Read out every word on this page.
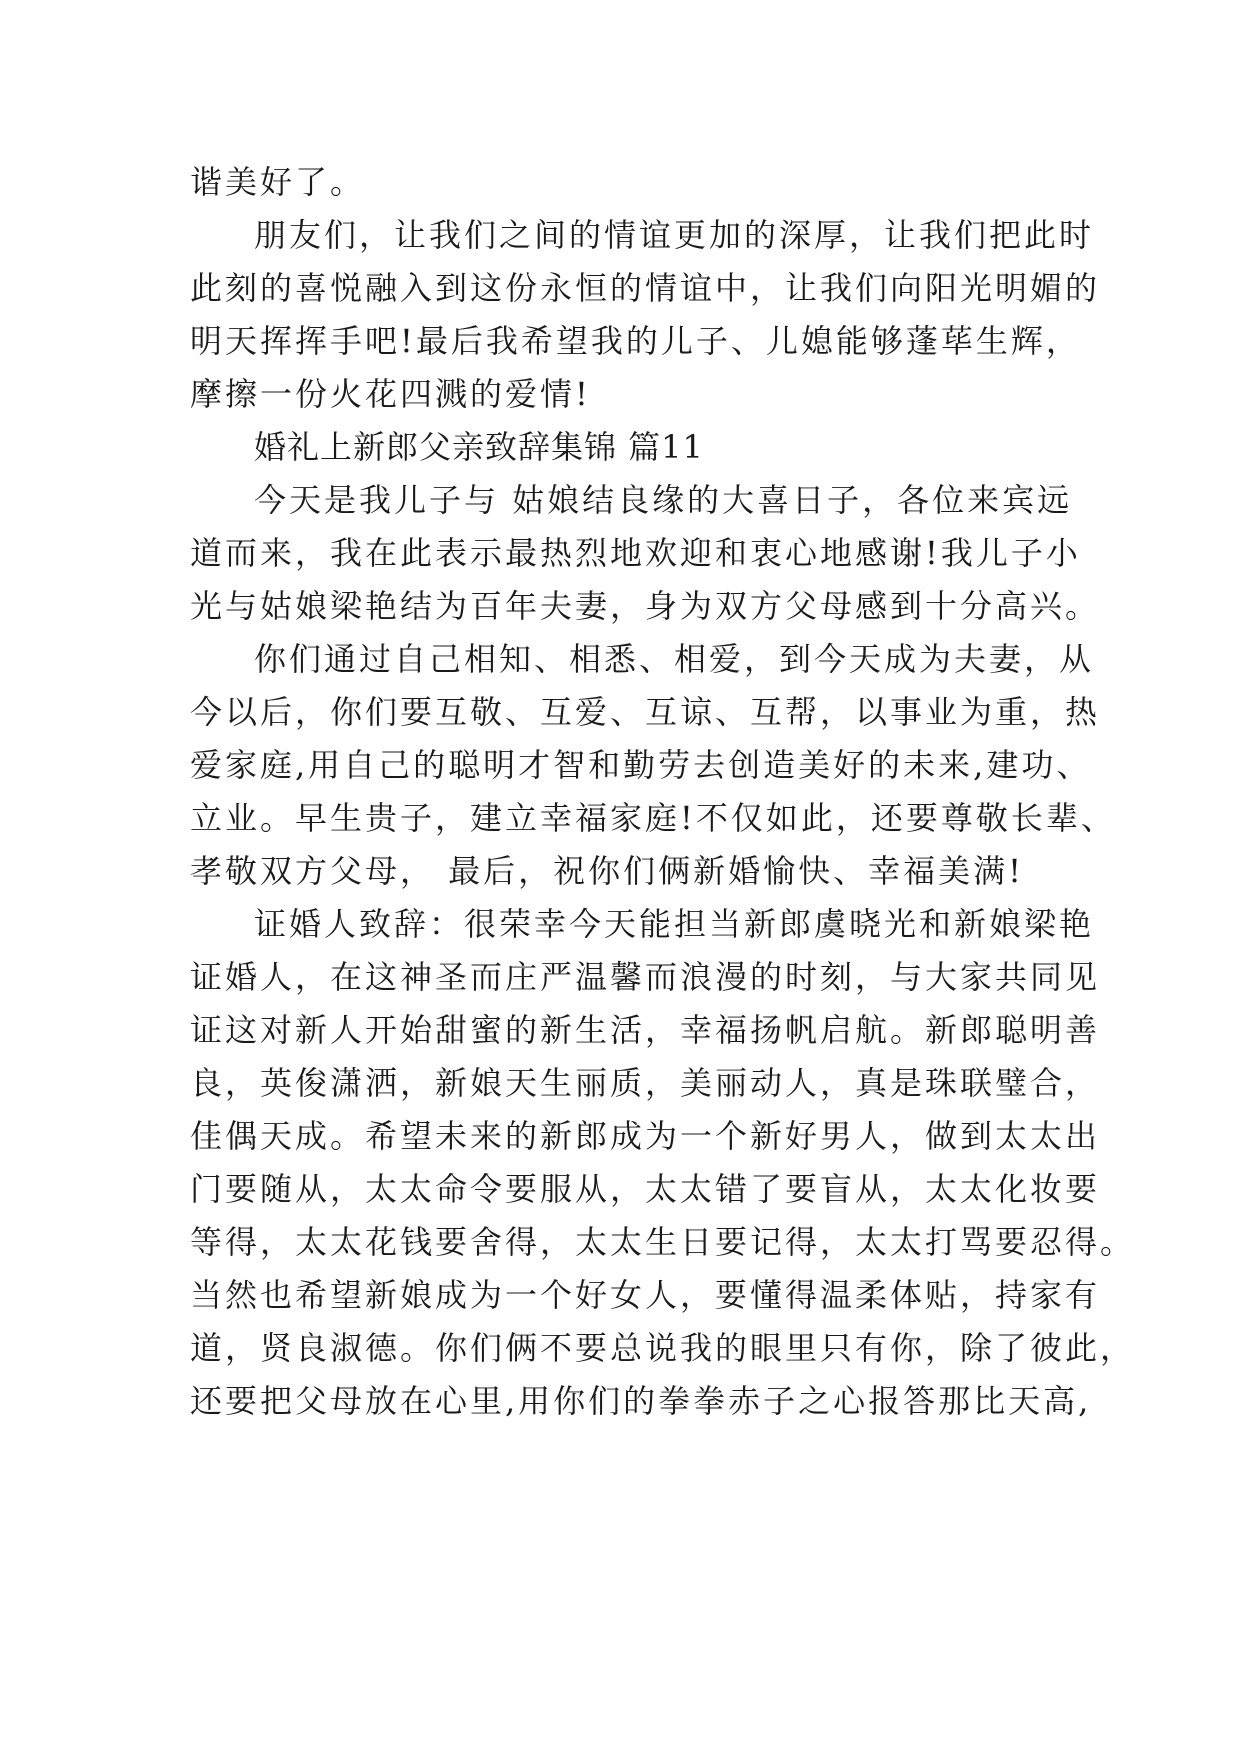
谐美好了。
朋友们，让我们之间的情谊更加的深厚，让我们把此时
此刻的喜悦融入到这份永恒的情谊中，让我们向阳光明媚的
明天挥挥手吧!最后我希望我的儿子、儿媳能够蓬荜生辉，
摩擦一份火花四溅的爱情!
婚礼上新郎父亲致辞集锦 篇11
今天是我儿子与 姑娘结良缘的大喜日子，各位来宾远
道而来，我在此表示最热烈地欢迎和衷心地感谢!我儿子小
光与姑娘梁艳结为百年夫妻，身为双方父母感到十分高兴。
你们通过自己相知、相悉、相爱，到今天成为夫妻，从
今以后，你们要互敬、互爱、互谅、互帮，以事业为重，热
爱家庭,用自己的聪明才智和勤劳去创造美好的未来,建功、
立业。早生贵子，建立幸福家庭!不仅如此，还要尊敬长辈、
孝敬双方父母， 最后，祝你们俩新婚愉快、幸福美满!
证婚人致辞：很荣幸今天能担当新郎虞晓光和新娘梁艳
证婚人，在这神圣而庄严温馨而浪漫的时刻，与大家共同见
证这对新人开始甜蜜的新生活，幸福扬帆启航。新郎聪明善
良，英俊潇洒，新娘天生丽质，美丽动人，真是珠联璧合，
佳偶天成。希望未来的新郎成为一个新好男人，做到太太出
门要随从，太太命令要服从，太太错了要盲从，太太化妆要
等得，太太花钱要舍得，太太生日要记得，太太打骂要忍得。
当然也希望新娘成为一个好女人，要懂得温柔体贴，持家有
道，贤良淑德。你们俩不要总说我的眼里只有你，除了彼此，
还要把父母放在心里,用你们的拳拳赤子之心报答那比天高,
